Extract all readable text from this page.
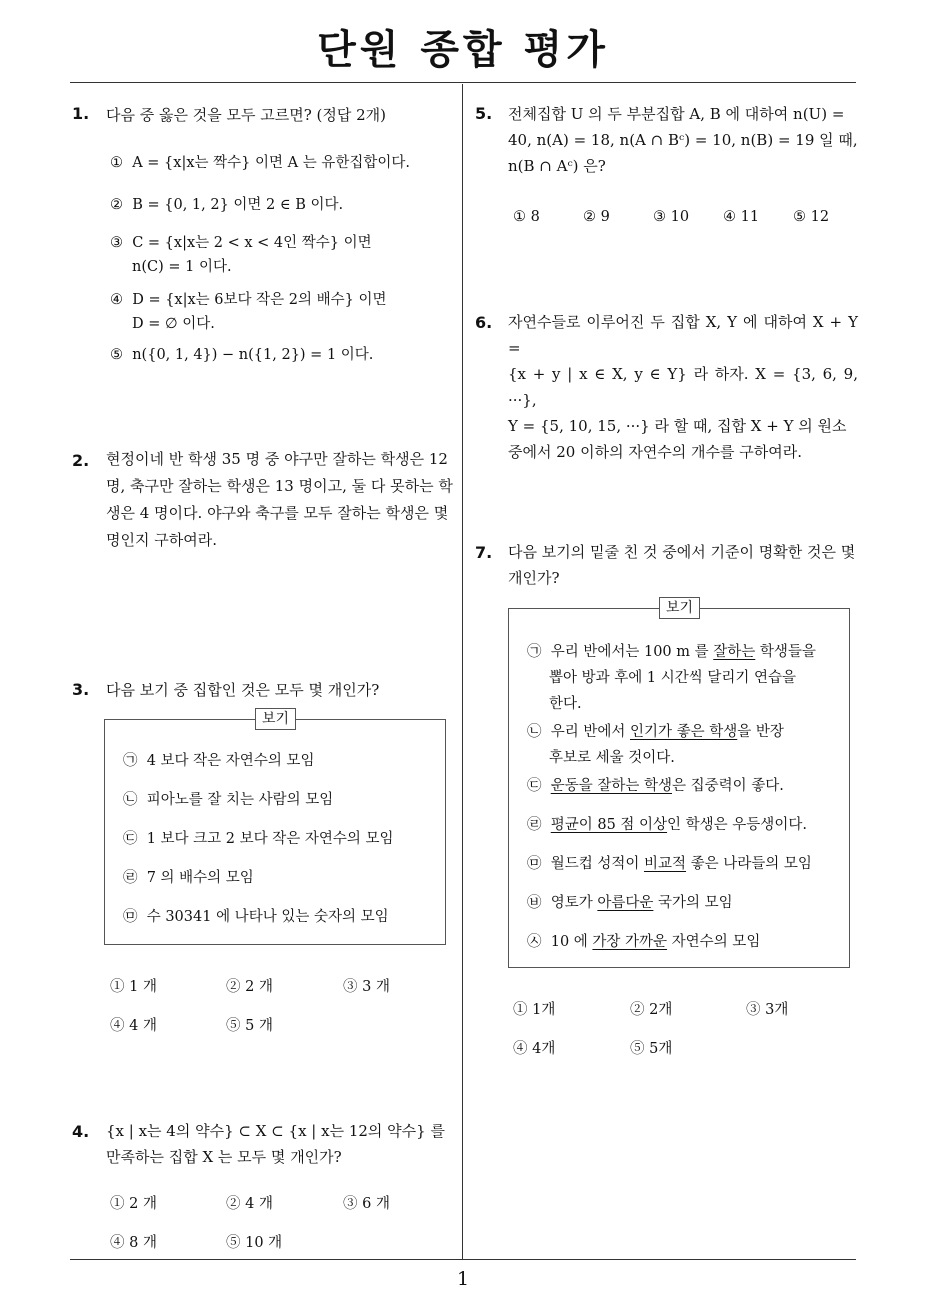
단원 종합 평가
1. 다음 중 옳은 것을 모두 고르면? (정답 2개)
① A = {x|x는 짝수} 이면 A 는 유한집합이다.
② B = {0, 1, 2} 이면 2 ∈ B 이다.
③ C = {x|x는 2 < x < 4인 짝수} 이면
n(C) = 1 이다.
④ D = {x|x는 6보다 작은 2의 배수} 이면
D = ∅ 이다.
⑤ n({0, 1, 4}) − n({1, 2}) = 1 이다.
2. 현정이네 반 학생 35 명 중 야구만 잘하는 학생은 12
명, 축구만 잘하는 학생은 13 명이고, 둘 다 못하는 학
생은 4 명이다. 야구와 축구를 모두 잘하는 학생은 몇
명인지 구하여라.
3. 다음 보기 중 집합인 것은 모두 몇 개인가?
보기
㉠ 4 보다 작은 자연수의 모임
㉡ 피아노를 잘 치는 사람의 모임
㉢ 1 보다 크고 2 보다 작은 자연수의 모임
㉣ 7 의 배수의 모임
㉤ 수 30341 에 나타나 있는 숫자의 모임
① 1 개	② 2 개	③ 3 개
④ 4 개	⑤ 5 개
4. {x | x는 4의 약수} ⊂ X ⊂ {x | x는 12의 약수} 를
만족하는 집합 X 는 모두 몇 개인가?
① 2 개	② 4 개	③ 6 개
④ 8 개	⑤ 10 개
5. 전체집합 U 의 두 부분집합 A, B 에 대하여 n(U) =
40, n(A) = 18, n(A ∩ Bᶜ) = 10, n(B) = 19 일 때,
n(B ∩ Aᶜ) 은?
① 8	② 9	③ 10 ④ 11 ⑤ 12
6. 자연수들로 이루어진 두 집합 X, Y 에 대하여 X + Y =
{x + y | x ∈ X, y ∈ Y} 라 하자. X = {3, 6, 9, ···},
Y = {5, 10, 15, ···} 라 할 때, 집합 X + Y 의 원소
중에서 20 이하의 자연수의 개수를 구하여라.
7. 다음 보기의 밑줄 친 것 중에서 기준이 명확한 것은 몇
개인가?
보기
㉠ 우리 반에서는 100 m 를 잘하는 학생들을
뽑아 방과 후에 1 시간씩 달리기 연습을
한다.
㉡ 우리 반에서 인기가 좋은 학생을 반장
후보로 세울 것이다.
㉢ 운동을 잘하는 학생은 집중력이 좋다.
㉣ 평균이 85 점 이상인 학생은 우등생이다.
㉤ 월드컵 성적이 비교적 좋은 나라들의 모임
㉥ 영토가 아름다운 국가의 모임
㉦ 10 에 가장 가까운 자연수의 모임
① 1개	② 2개	③ 3개
④ 4개	⑤ 5개
1
